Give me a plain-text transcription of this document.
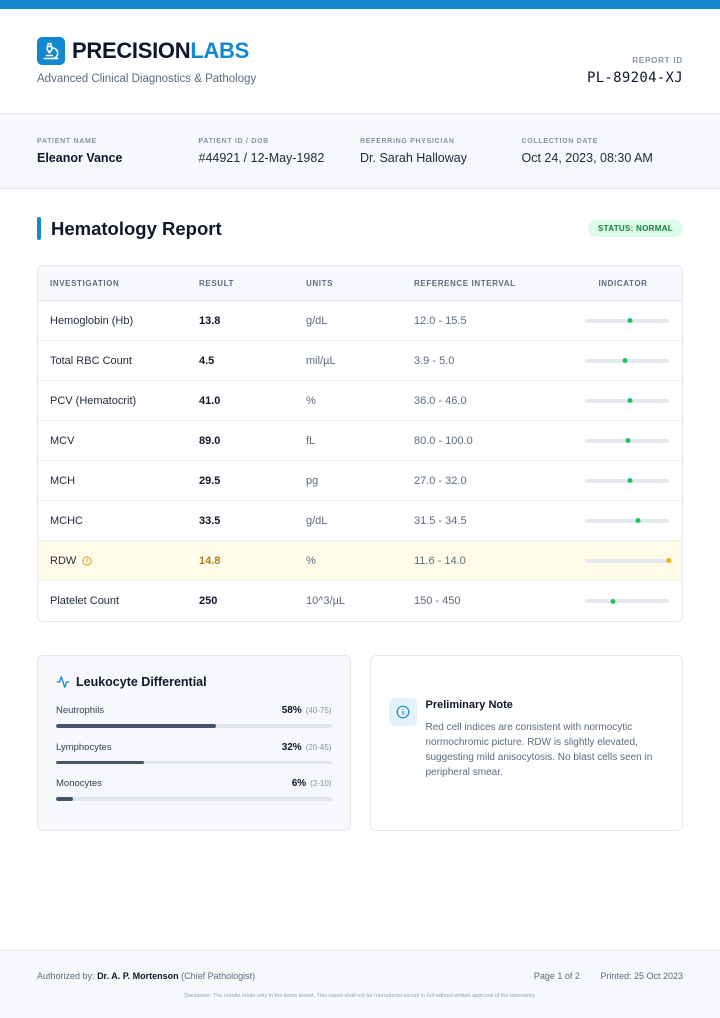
PRECISIONLABS
Advanced Clinical Diagnostics & Pathology
REPORT ID
PL-89204-XJ
PATIENT NAME
Eleanor Vance
PATIENT ID / DOB
#44921 / 12-May-1982
REFERRING PHYSICIAN
Dr. Sarah Halloway
COLLECTION DATE
Oct 24, 2023, 08:30 AM
Hematology Report	STATUS: NORMAL
INVESTIGATION	RESULT	UNITS	REFERENCE INTERVAL	INDICATOR
Hemoglobin (Hb)	13.8	g/dL	12.0 - 15.5
Total RBC Count	4.5	mil/µL	3.9 - 5.0
PCV (Hematocrit)	41.0	%	36.0 - 46.0
MCV	89.0	fL	80.0 - 100.0
MCH	29.5	pg	27.0 - 32.0
MCHC	33.5	g/dL	31.5 - 34.5
RDW	14.8	%	11.6 - 14.0
Platelet Count	250	10^3/µL	150 - 450
Leukocyte Differential
Neutrophils	58% (40-75)
Lymphocytes	32% (20-45)
Monocytes	6% (2-10)
Preliminary Note
Red cell indices are consistent with normocytic normochromic picture. RDW is slightly elevated, suggesting mild anisocytosis. No blast cells seen in peripheral smear.
Authorized by: Dr. A. P. Mortenson (Chief Pathologist)	Page 1 of 2 Printed: 25 Oct 2023
Disclaimer: The results relate only to the items tested. This report shall not be reproduced except in full without written approval of the laboratory.
